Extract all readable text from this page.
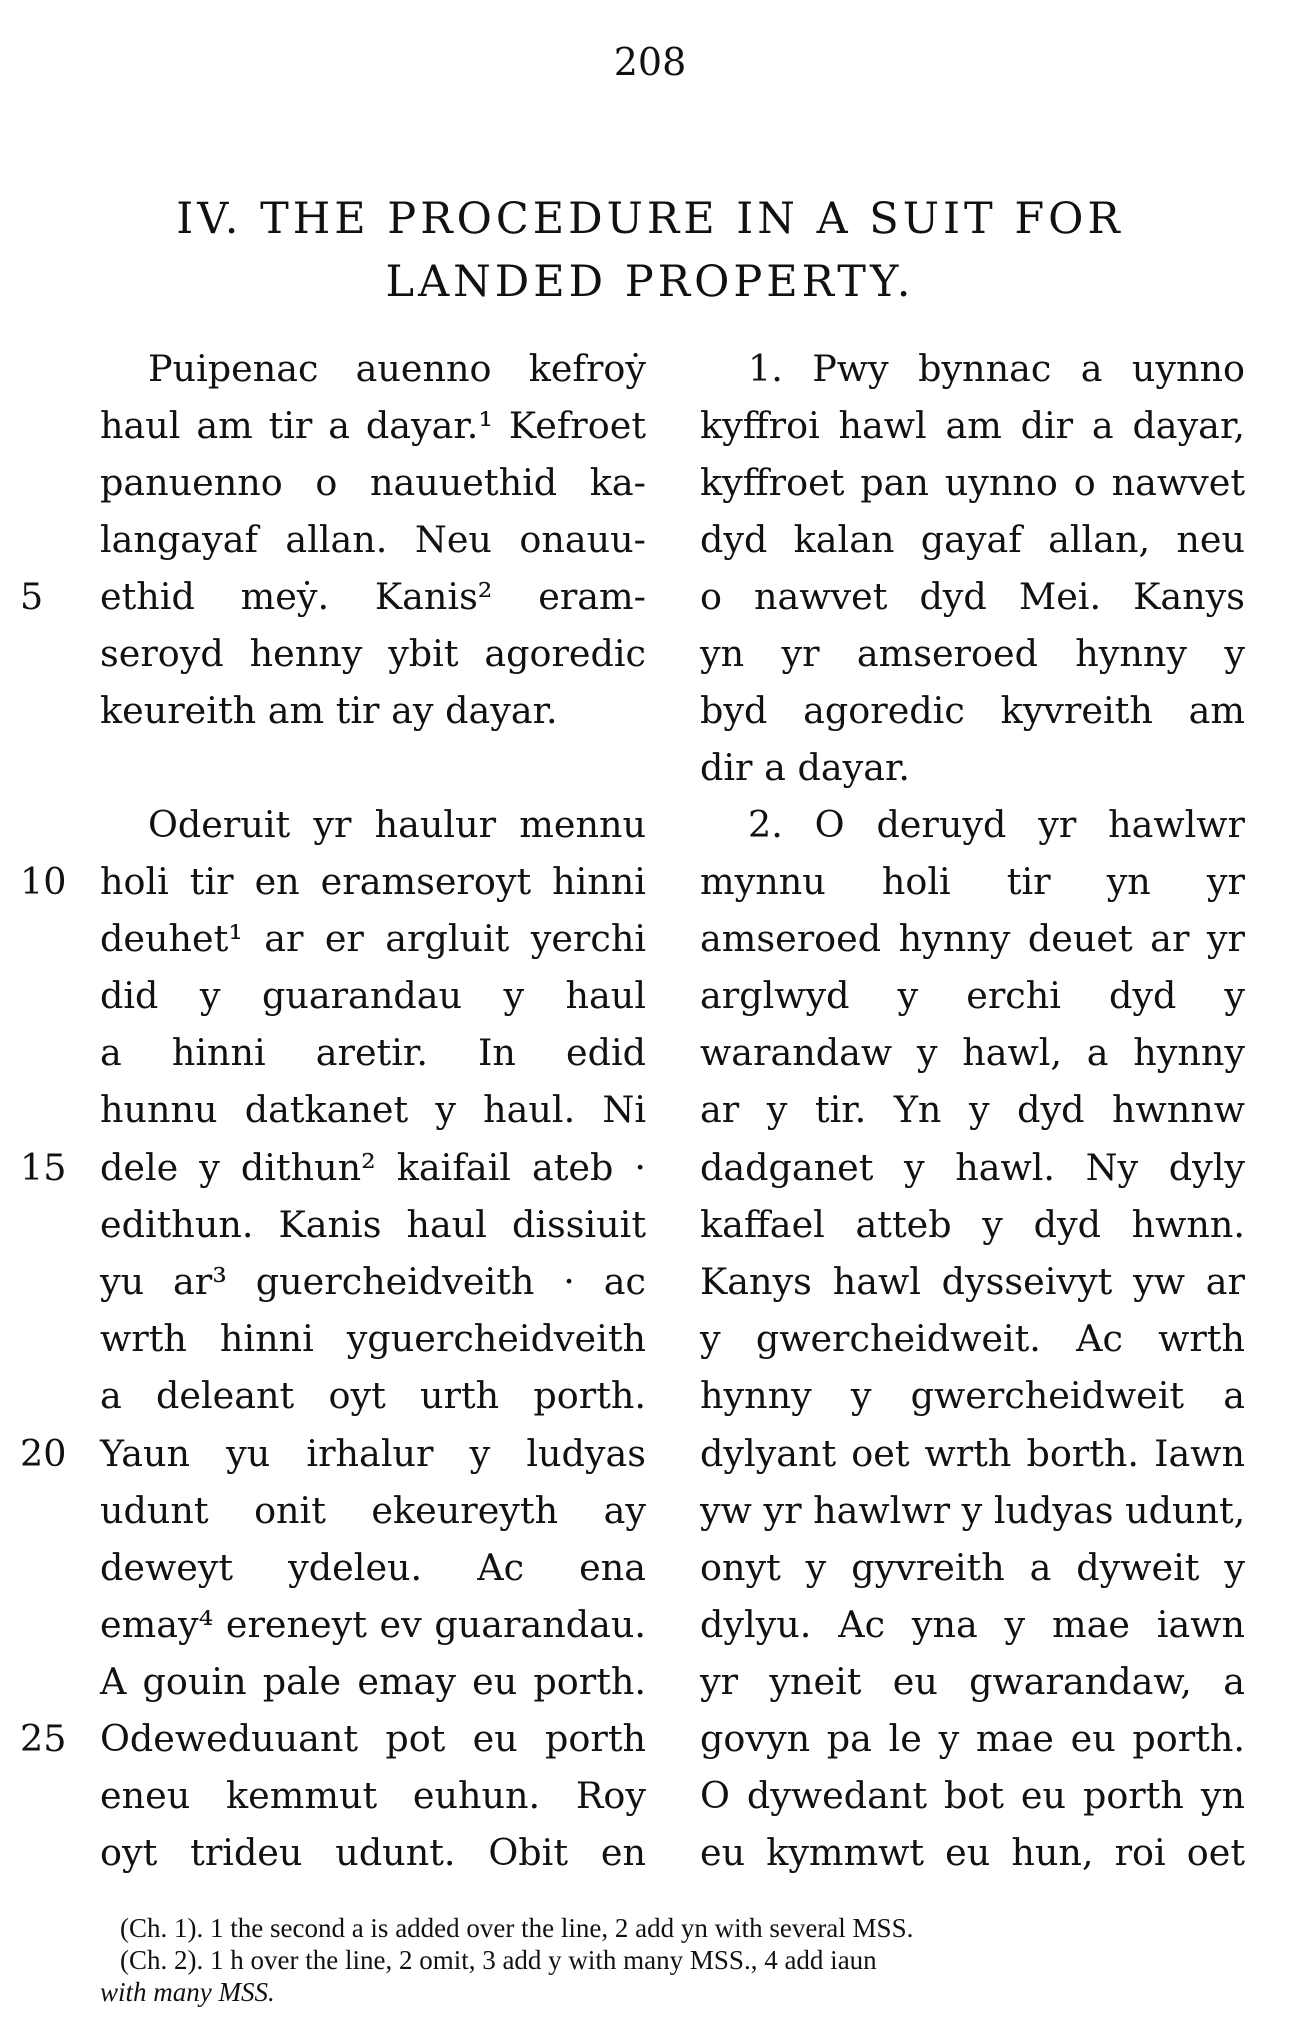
208
IV. THE PROCEDURE IN A SUIT FOR
LANDED PROPERTY.
5
10
15
20
25
Puipenac auenno kefroẏ
haul am tir a dayar.¹ Kefroet
panuenno o nauuethid ka-
langayaf allan. Neu onauu-
ethid meẏ. Kanis² eram-
seroyd henny ybit agoredic
keureith am tir ay dayar.
Oderuit yr haulur mennu
holi tir en eramseroyt hinni
deuhet¹ ar er argluit yerchi
did y guarandau y haul
a hinni aretir. In edid
hunnu datkanet y haul. Ni
dele y dithun² kaifail ateb ·
edithun. Kanis haul dissiuit
yu ar³ guercheidveith · ac
wrth hinni yguercheidveith
a deleant oyt urth porth.
Yaun yu irhalur y ludyas
udunt onit ekeureyth ay
deweyt ydeleu. Ac ena
emay⁴ ereneyt ev guarandau.
A gouin pale emay eu porth.
Odeweduuant pot eu porth
eneu kemmut euhun. Roy
oyt trideu udunt. Obit en
1. Pwy bynnac a uynno
kyffroi hawl am dir a dayar,
kyffroet pan uynno o nawvet
dyd kalan gayaf allan, neu
o nawvet dyd Mei. Kanys
yn yr amseroed hynny y
byd agoredic kyvreith am
dir a dayar.
2. O deruyd yr hawlwr
mynnu holi tir yn yr
amseroed hynny deuet ar yr
arglwyd y erchi dyd y
warandaw y hawl, a hynny
ar y tir. Yn y dyd hwnnw
dadganet y hawl. Ny dyly
kaffael atteb y dyd hwnn.
Kanys hawl dysseivyt yw ar
y gwercheidweit. Ac wrth
hynny y gwercheidweit a
dylyant oet wrth borth. Iawn
yw yr hawlwr y ludyas udunt,
onyt y gyvreith a dyweit y
dylyu. Ac yna y mae iawn
yr yneit eu gwarandaw, a
govyn pa le y mae eu porth.
O dywedant bot eu porth yn
eu kymmwt eu hun, roi oet
(Ch. 1). 1 the second a is added over the line, 2 add yn with several MSS.
(Ch. 2). 1 h over the line, 2 omit, 3 add y with many MSS., 4 add iaun
with many MSS.
